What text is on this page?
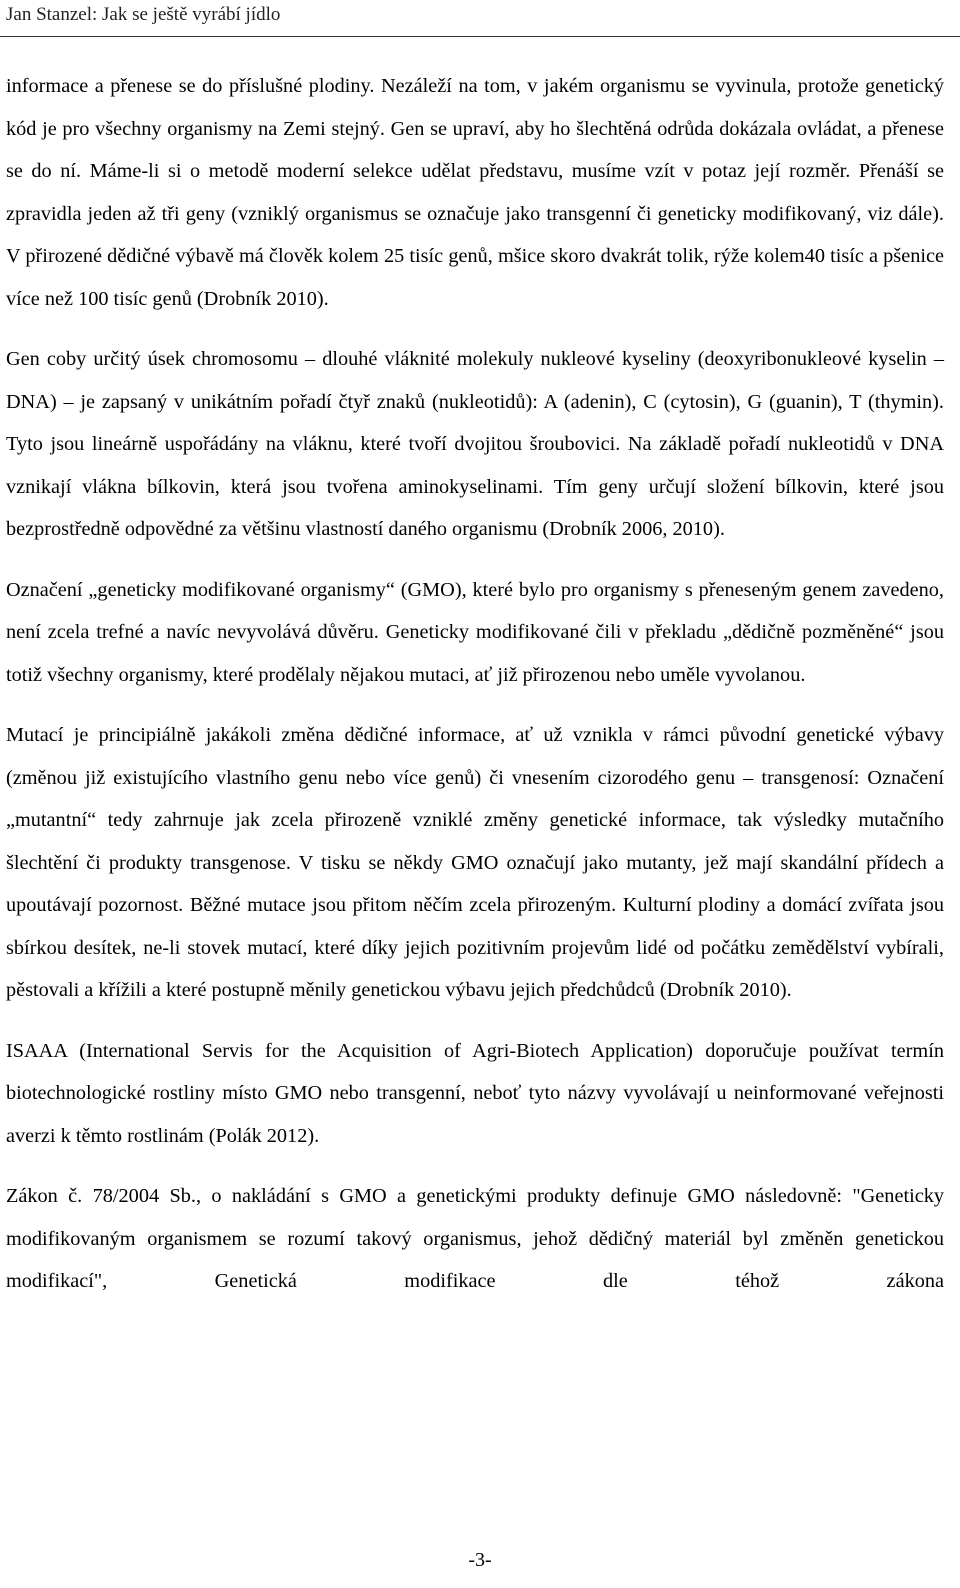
Jan Stanzel: Jak se ještě vyrábí jídlo

informace a přenese se do příslušné plodiny. Nezáleží na tom, v jakém organismu se vyvinula, protože genetický kód je pro všechny organismy na Zemi stejný. Gen se upraví, aby ho šlechtěná odrůda dokázala ovládat, a přenese se do ní. Máme-li si o metodě moderní selekce udělat představu, musíme vzít v potaz její rozměr. Přenáší se zpravidla jeden až tři geny (vzniklý organismus se označuje jako transgenní či geneticky modifikovaný, viz dále). V přirozené dědičné výbavě má člověk kolem 25 tisíc genů, mšice skoro dvakrát tolik, rýže kolem40 tisíc a pšenice více než 100 tisíc genů (Drobník 2010).

Gen coby určitý úsek chromosomu – dlouhé vláknité molekuly nukleové kyseliny (deoxyribonukleové kyselin – DNA) – je zapsaný v unikátním pořadí čtyř znaků (nukleotidů): A (adenin), C (cytosin), G (guanin), T (thymin). Tyto jsou lineárně uspořádány na vláknu, které tvoří dvojitou šroubovici. Na základě pořadí nukleotidů v DNA vznikají vlákna bílkovin, která jsou tvořena aminokyselinami. Tím geny určují složení bílkovin, které jsou bezprostředně odpovědné za většinu vlastností daného organismu (Drobník 2006, 2010).

Označení „geneticky modifikované organismy“ (GMO), které bylo pro organismy s přeneseným genem zavedeno, není zcela trefné a navíc nevyvolává důvěru. Geneticky modifikované čili v překladu „dědičně pozměněné“ jsou totiž všechny organismy, které prodělaly nějakou mutaci, ať již přirozenou nebo uměle vyvolanou.

Mutací je principiálně jakákoli změna dědičné informace, ať už vznikla v rámci původní genetické výbavy (změnou již existujícího vlastního genu nebo více genů) či vnesením cizorodého genu – transgenosí: Označení „mutantní“ tedy zahrnuje jak zcela přirozeně vzniklé změny genetické informace, tak výsledky mutačního šlechtění či produkty transgenose. V tisku se někdy GMO označují jako mutanty, jež mají skandální přídech a upoutávají pozornost. Běžné mutace jsou přitom něčím zcela přirozeným. Kulturní plodiny a domácí zvířata jsou sbírkou desítek, ne-li stovek mutací, které díky jejich pozitivním projevům lidé od počátku zemědělství vybírali, pěstovali a křížili a které postupně měnily genetickou výbavu jejich předchůdců (Drobník 2010).

ISAAA (International Servis for the Acquisition of Agri-Biotech Application) doporučuje používat termín biotechnologické rostliny místo GMO nebo transgenní, neboť tyto názvy vyvolávají u neinformované veřejnosti averzi k těmto rostlinám (Polák 2012).

Zákon č. 78/2004 Sb., o nakládání s GMO a genetickými produkty definuje GMO následovně: "Geneticky modifikovaným organismem se rozumí takový organismus, jehož dědičný materiál byl změněn genetickou modifikací", Genetická modifikace dle téhož zákona

-3-
